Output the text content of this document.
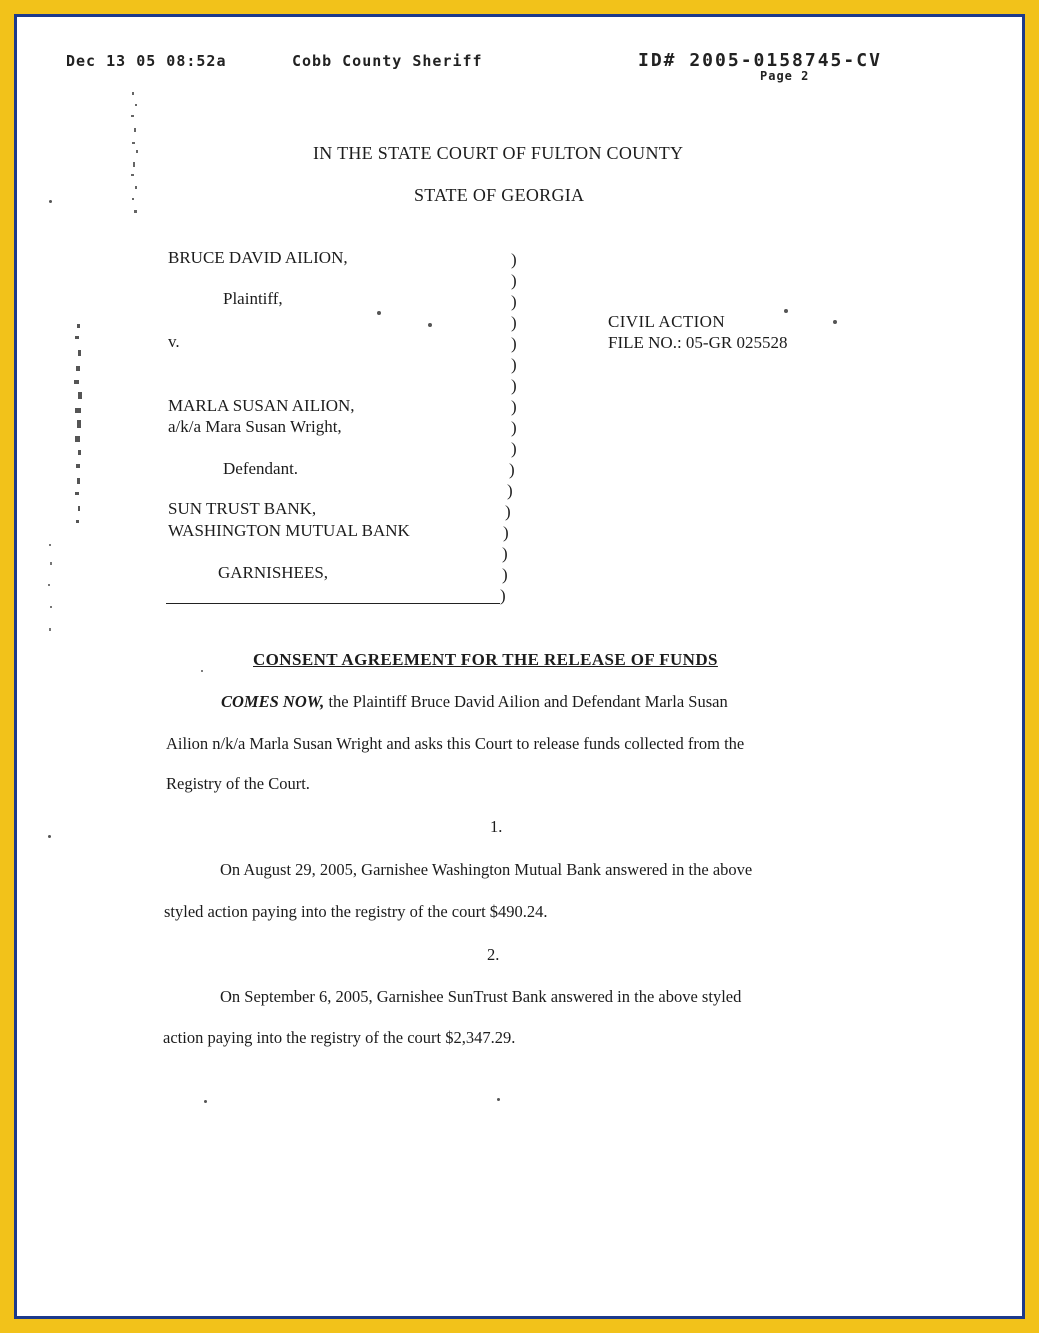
Dec 13 05 08:52a	Cobb County Sheriff	ID# 2005-0158745-CV
Page 2
IN THE STATE COURT OF FULTON COUNTY
STATE OF GEORGIA
BRUCE DAVID AILION,
Plaintiff,
v.
MARLA SUSAN AILION,
a/k/a Mara Susan Wright,
Defendant.
SUN TRUST BANK,
WASHINGTON MUTUAL BANK
GARNISHEES,
)
)
)
)
)
)
)
)
)
)
)
)
)
)
)
)
)
CIVIL ACTION
FILE NO.: 05-GR 025528
CONSENT AGREEMENT FOR THE RELEASE OF FUNDS
COMES NOW, the Plaintiff Bruce David Ailion and Defendant Marla Susan
Ailion n/k/a Marla Susan Wright and asks this Court to release funds collected from the
Registry of the Court.
1.
On August 29, 2005, Garnishee Washington Mutual Bank answered in the above
styled action paying into the registry of the court $490.24.
2.
On September 6, 2005, Garnishee SunTrust Bank answered in the above styled
action paying into the registry of the court $2,347.29.
